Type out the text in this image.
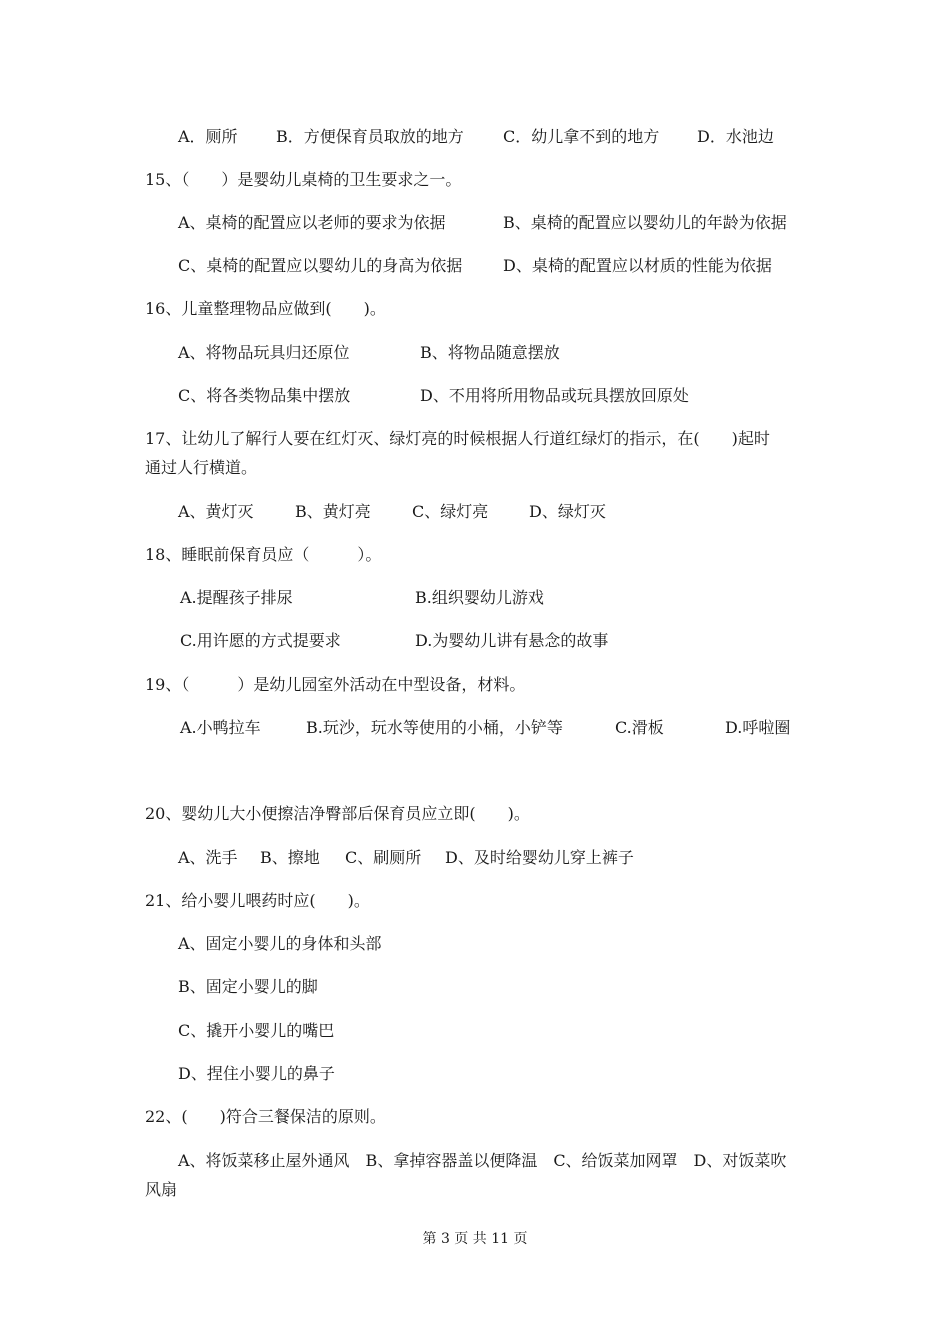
A．厕所 B．方便保育员取放的地方 C．幼儿拿不到的地方 D．水池边
15、（　　）是婴幼儿桌椅的卫生要求之一。
A、桌椅的配置应以老师的要求为依据	B、桌椅的配置应以婴幼儿的年龄为依据
C、桌椅的配置应以婴幼儿的身高为依据	D、桌椅的配置应以材质的性能为依据
16、儿童整理物品应做到(　　)。
A、将物品玩具归还原位	B、将物品随意摆放
C、将各类物品集中摆放	D、不用将所用物品或玩具摆放回原处
17、让幼儿了解行人要在红灯灭、绿灯亮的时候根据人行道红绿灯的指示，在(　　)起时
通过人行横道。
A、黄灯灭	B、黄灯亮	C、绿灯亮	D、绿灯灭
18、睡眠前保育员应（　　　）。
A.提醒孩子排尿	B.组织婴幼儿游戏
C.用许愿的方式提要求	D.为婴幼儿讲有悬念的故事
19、（　　　）是幼儿园室外活动在中型设备，材料。
A.小鸭拉车	B.玩沙，玩水等使用的小桶，小铲等	C.滑板	D.呼啦圈
20、婴幼儿大小便擦洁净臀部后保育员应立即(　　)。
A、洗手 B、擦地 C、刷厕所 D、及时给婴幼儿穿上裤子
21、给小婴儿喂药时应(　　)。
A、固定小婴儿的身体和头部
B、固定小婴儿的脚
C、撬开小婴儿的嘴巴
D、捏住小婴儿的鼻子
22、(　　)符合三餐保洁的原则。
A、将饭菜移止屋外通风　B、拿掉容器盖以便降温　C、给饭菜加网罩　D、对饭菜吹
风扇
第 3 页 共 11 页
